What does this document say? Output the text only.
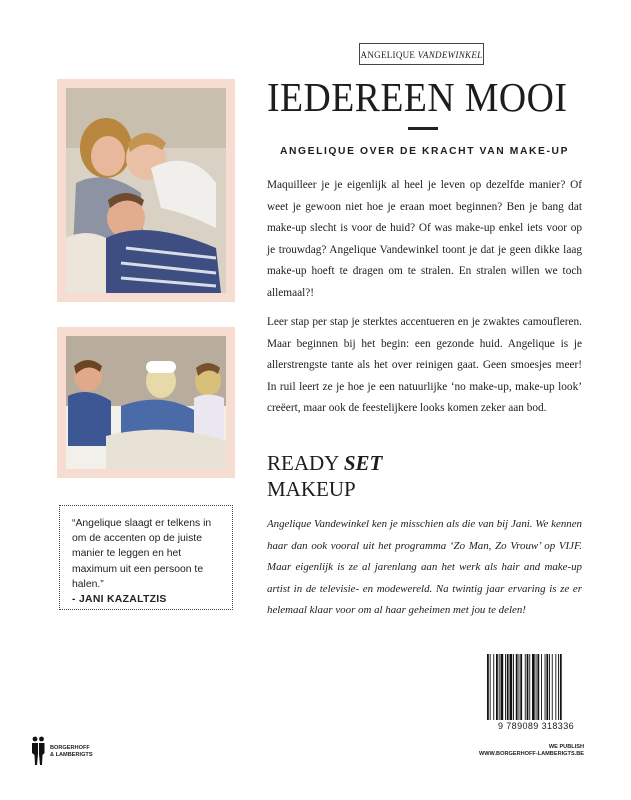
ANGELIQUE VANDEWINKEL
IEDEREEN MOOI
ANGELIQUE OVER DE KRACHT VAN MAKE-UP

Maquilleer je je eigenlijk al heel je leven op dezelfde manier? Of weet je gewoon niet hoe je eraan moet beginnen? Ben je bang dat make-up slecht is voor de huid? Of was make-up enkel iets voor op je trouwdag? Angelique Vandewinkel toont je dat je geen dikke laag make-up hoeft te dragen om te stralen. En stralen willen we toch allemaal?!

Leer stap per stap je sterktes accentueren en je zwaktes camoufleren. Maar beginnen bij het begin: een gezonde huid. Angelique is je allerstrengste tante als het over reinigen gaat. Geen smoesjes meer! In ruil leert ze je hoe je een natuurlijke ‘no make-up, make-up look’ creëert, maar ook de feestelijkere looks komen zeker aan bod.

READY SET
MAKEUP

Angelique Vandewinkel ken je misschien als die van bij Jani. We kennen haar dan ook vooral uit het programma ‘Zo Man, Zo Vrouw’ op VIJF. Maar eigenlijk is ze al jarenlang aan het werk als hair and make-up artist in de televisie- en modewereld. Na twintig jaar ervaring is ze er helemaal klaar voor om al haar geheimen met jou te delen!

“Angelique slaagt er telkens in om de accenten op de juiste manier te leggen en het maximum uit een persoon te halen.”
- JANI KAZALTZIS
9 789089 318336
BORGERHOFF
& LAMBERIGTS
WE PUBLISH
WWW.BORGERHOFF-LAMBERIGTS.BE
